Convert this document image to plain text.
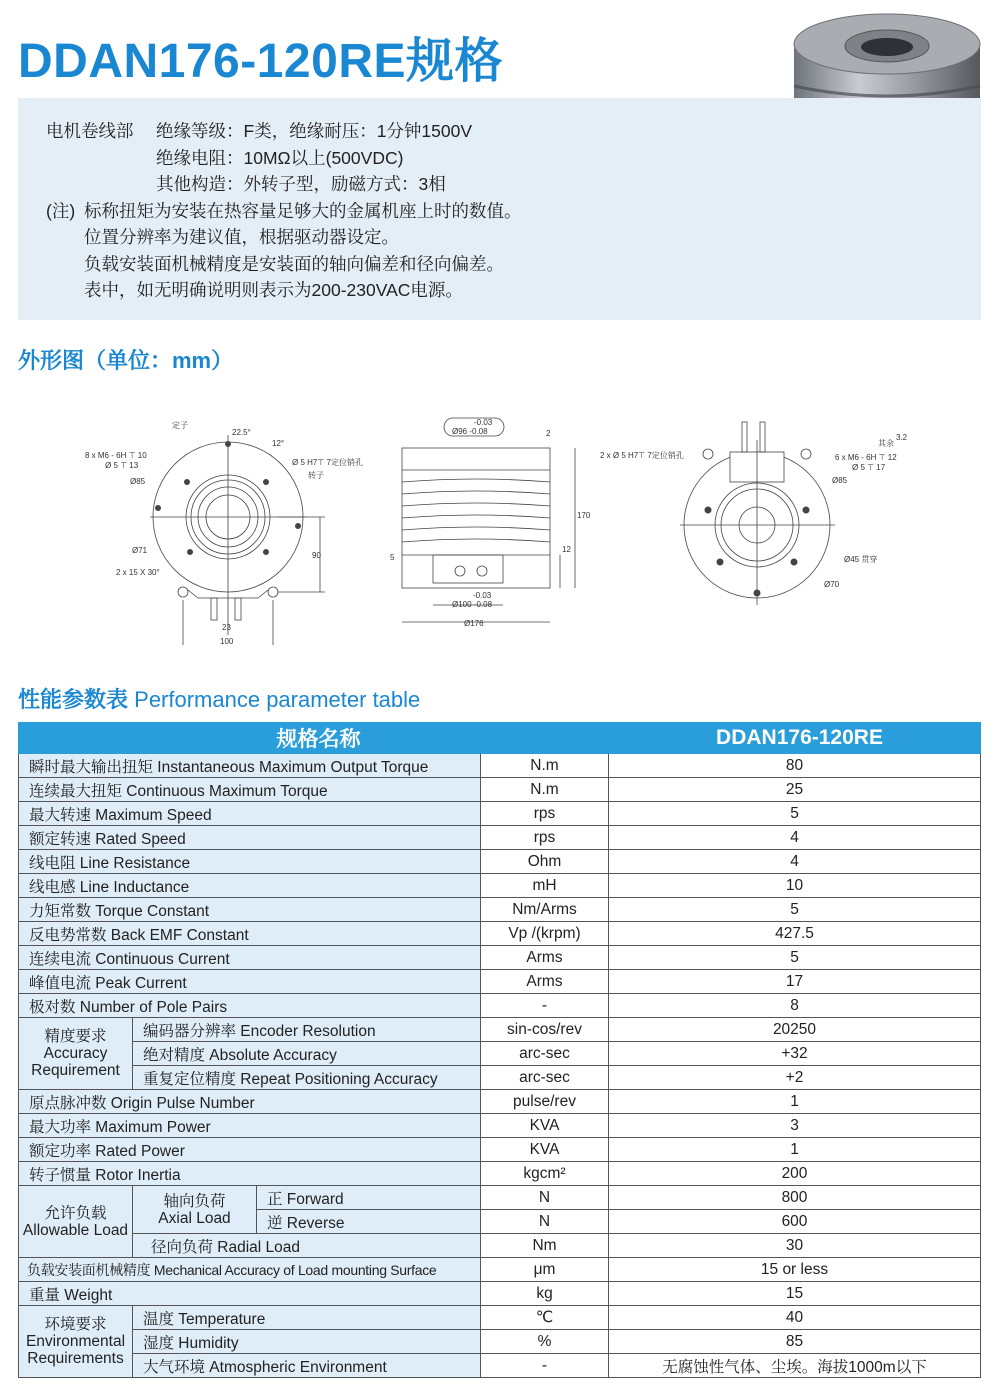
DDAN176-120RE规格
电机卷线部 绝缘等级：F类，绝缘耐压：1分钟1500V
绝缘电阻：10MΩ以上(500VDC)
其他构造：外转子型，励磁方式：3相
(注) 标称扭矩为安装在热容量足够大的金属机座上时的数值。
位置分辨率为建议值，根据驱动器设定。
负载安装面机械精度是安装面的轴向偏差和径向偏差。
表中，如无明确说明则表示为200-230VAC电源。
外形图（单位：mm）
8 x M6 - 6H ⊤ 10
Ø 5 ⊤ 13
Ø85
Ø71
2 x 15 X 30°
定子
22.5°
12°
Ø 5 H7⊤ 7定位销孔
转子
90
23
100
-0.03
Ø96 -0.08
-0.03
Ø100 -0.08
Ø176
170
12
5
2
2 x Ø 5 H7⊤ 7定位销孔	6 x M6 - 6H ⊤ 12
Ø 5 ⊤ 17
Ø85
Ø45 贯穿
Ø70
其余
3.2
性能参数表 Performance parameter table
规格名称				DDAN176-120RE
瞬时最大输出扭矩 Instantaneous Maximum Output Torque			N.m	80
连续最大扭矩 Continuous Maximum Torque			N.m	25
最大转速 Maximum Speed			rps	5
额定转速 Rated Speed			rps	4
线电阻 Line Resistance			Ohm	4
线电感 Line Inductance			mH	10
力矩常数 Torque Constant			Nm/Arms	5
反电势常数 Back EMF Constant			Vp /(krpm)	427.5
连续电流 Continuous Current			Arms	5
峰值电流 Peak Current			Arms	17
极对数 Number of Pole Pairs			-	8

精度要求
Accuracy
Requirement	编码器分辨率 Encoder Resolution		sin-cos/rev	20250
	绝对精度 Absolute Accuracy		arc-sec	+32
	重复定位精度 Repeat Positioning Accuracy		arc-sec	+2
原点脉冲数 Origin Pulse Number			pulse/rev	1
最大功率 Maximum Power			KVA	3
额定功率 Rated Power			KVA	1
转子惯量 Rotor Inertia			kgcm²	200

允许负载
Allowable Load	轴向负荷
Axial Load	正 Forward	N	800
		逆 Reverse	N	600
	径向负荷 Radial Load		Nm	30
负载安装面机械精度 Mechanical Accuracy of Load mounting Surface			μm	15 or less
重量 Weight			kg	15

环境要求
Environmental
Requirements	温度 Temperature		℃	40
	湿度 Humidity		%	85
	大气环境 Atmospheric Environment		-	无腐蚀性气体、尘埃。海拔1000m以下
